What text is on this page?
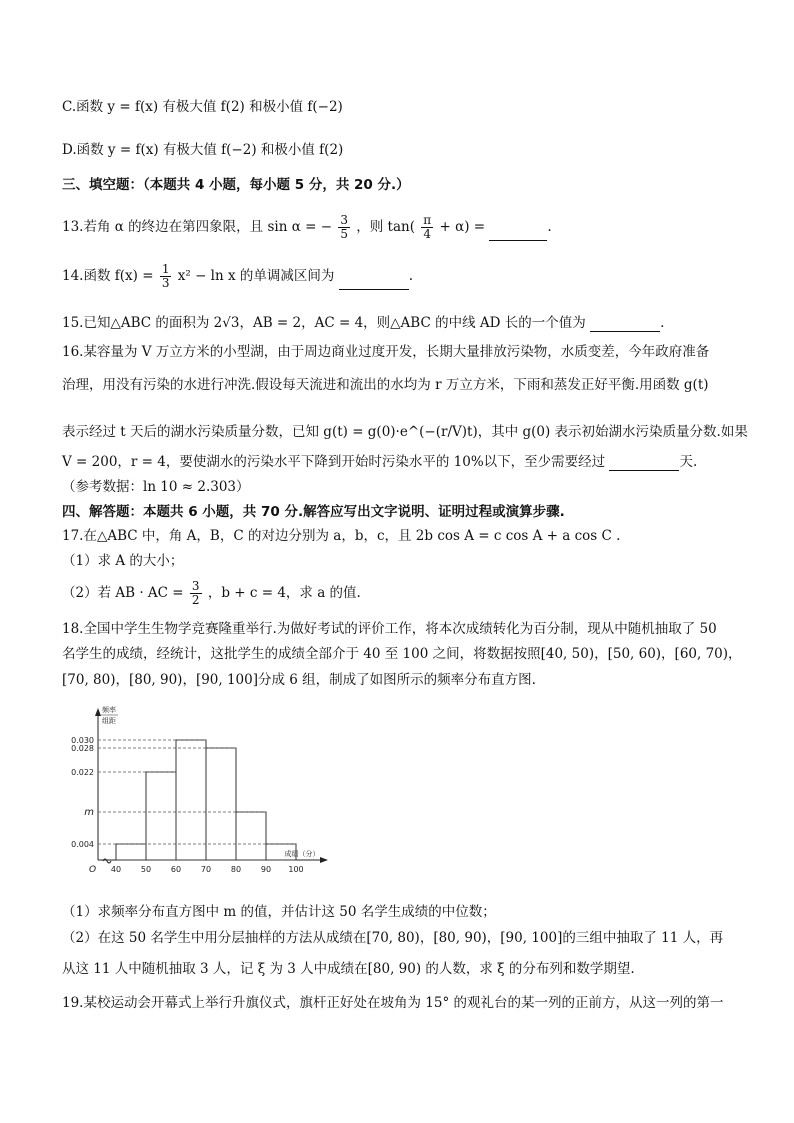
C.函数 y = f(x) 有极大值 f(2) 和极小值 f(−2)
D.函数 y = f(x) 有极大值 f(−2) 和极小值 f(2)
三、填空题：（本题共 4 小题，每小题 5 分，共 20 分.）
13.若角 α 的终边在第四象限，且 sin α = − $\frac{3}{5}$ ，则 $\tan( \frac{\pi}{4} + \alpha)$ =	.
14.函数 $f(x) = \frac{1}{3} x^2 - \ln x$ 的单调减区间为	.
15.已知△ABC 的面积为 2√3，AB = 2，AC = 4，则△ABC 的中线 AD 长的一个值为	.
16.某容量为 V 万立方米的小型湖，由于周边商业过度开发，长期大量排放污染物，水质变差，今年政府准备
治理，用没有污染的水进行冲洗.假设每天流进和流出的水均为 r 万立方米，下雨和蒸发正好平衡.用函数 g(t)
表示经过 t 天后的湖水污染质量分数，已知 g(t) = g(0)·e^(−(r/V)t)，其中 g(0) 表示初始湖水污染质量分数.如果
V = 200，r = 4，要使湖水的污染水平下降到开始时污染水平的 10%以下，至少需要经过	天.
（参考数据：ln 10 ≈ 2.303）
四、解答题：本题共 6 小题，共 70 分.解答应写出文字说明、证明过程或演算步骤.
17.在△ABC 中，角 A，B，C 的对边分别为 a，b，c，且 2b cos A = c cos A + a cos C .
（1）求 A 的大小；
（2）若 AB · AC = $\frac{3}{2}$ ，b + c = 4，求 a 的值.
18.全国中学生生物学竞赛隆重举行.为做好考试的评价工作，将本次成绩转化为百分制，现从中随机抽取了 50
名学生的成绩，经统计，这批学生的成绩全部介于 40 至 100 之间，将数据按照[40, 50)，[50, 60)，[60, 70)，
[70, 80)，[80, 90)，[90, 100]分成 6 组，制成了如图所示的频率分布直方图.
0.030
0.028
0.022
m
0.004
40 50 60 70 80 90 100
O
频率
组距
成绩（分）
（1）求频率分布直方图中 m 的值，并估计这 50 名学生成绩的中位数；
（2）在这 50 名学生中用分层抽样的方法从成绩在[70, 80)，[80, 90)，[90, 100]的三组中抽取了 11 人，再
从这 11 人中随机抽取 3 人，记 ξ 为 3 人中成绩在[80, 90) 的人数，求 ξ 的分布列和数学期望.
19.某校运动会开幕式上举行升旗仪式，旗杆正好处在坡角为 15° 的观礼台的某一列的正前方，从这一列的第一
